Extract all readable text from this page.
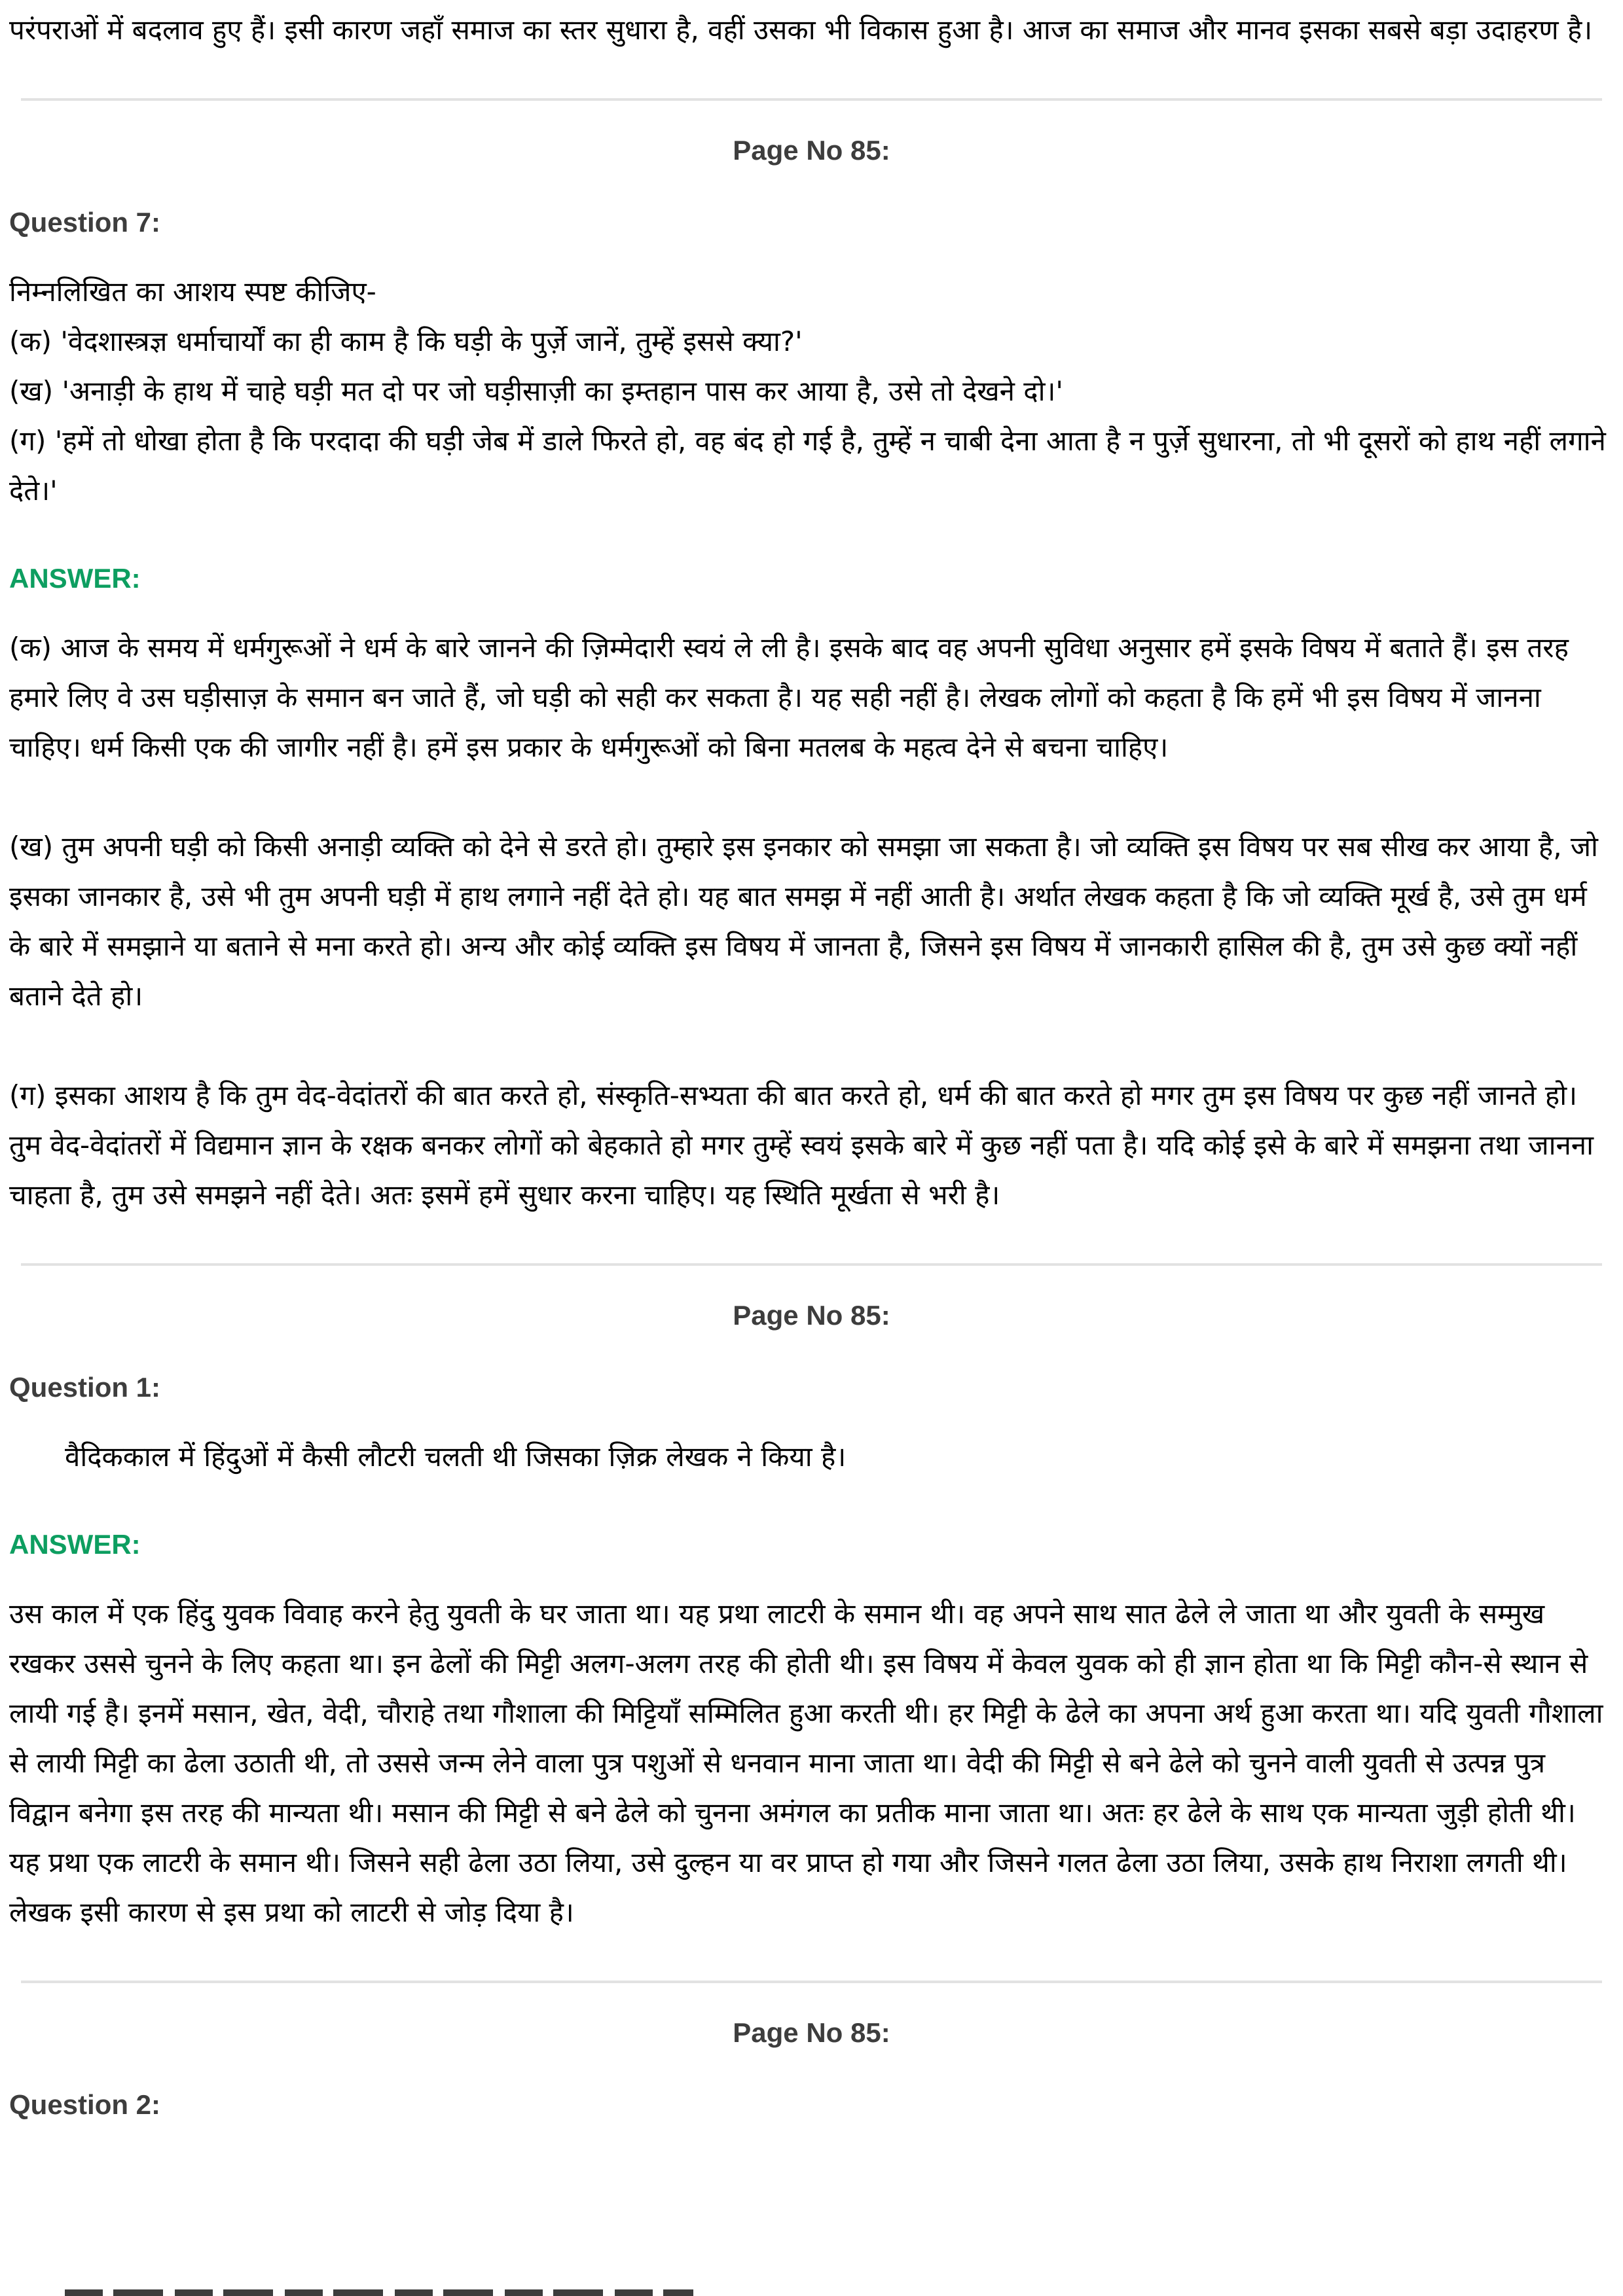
परंपराओं में बदलाव हुए हैं। इसी कारण जहाँ समाज का स्तर सुधारा है, वहीं उसका भी विकास हुआ है। आज का समाज और मानव इसका सबसे बड़ा उदाहरण है।

Page No 85:
Question 7:

निम्नलिखित का आशय स्पष्ट कीजिए-

(क) 'वेदशास्त्रज्ञ धर्माचार्यों का ही काम है कि घड़ी के पुर्ज़े जानें, तुम्हें इससे क्या?'

(ख) 'अनाड़ी के हाथ में चाहे घड़ी मत दो पर जो घड़ीसाज़ी का इम्तहान पास कर आया है, उसे तो देखने दो।'

(ग) 'हमें तो धोखा होता है कि परदादा की घड़ी जेब में डाले फिरते हो, वह बंद हो गई है, तुम्हें न चाबी देना आता है न पुर्ज़े सुधारना, तो भी दूसरों को हाथ नहीं लगाने देते।'

ANSWER:

(क) आज के समय में धर्मगुरूओं ने धर्म के बारे जानने की ज़िम्मेदारी स्वयं ले ली है। इसके बाद वह अपनी सुविधा अनुसार हमें इसके विषय में बताते हैं। इस तरह हमारे लिए वे उस घड़ीसाज़ के समान बन जाते हैं, जो घड़ी को सही कर सकता है। यह सही नहीं है। लेखक लोगों को कहता है कि हमें भी इस विषय में जानना चाहिए। धर्म किसी एक की जागीर नहीं है। हमें इस प्रकार के धर्मगुरूओं को बिना मतलब के महत्व देने से बचना चाहिए।

(ख) तुम अपनी घड़ी को किसी अनाड़ी व्यक्ति को देने से डरते हो। तुम्हारे इस इनकार को समझा जा सकता है। जो व्यक्ति इस विषय पर सब सीख कर आया है, जो इसका जानकार है, उसे भी तुम अपनी घड़ी में हाथ लगाने नहीं देते हो। यह बात समझ में नहीं आती है। अर्थात लेखक कहता है कि जो व्यक्ति मूर्ख है, उसे तुम धर्म के बारे में समझाने या बताने से मना करते हो। अन्य और कोई व्यक्ति इस विषय में जानता है, जिसने इस विषय में जानकारी हासिल की है, तुम उसे कुछ क्यों नहीं बताने देते हो।

(ग) इसका आशय है कि तुम वेद-वेदांतरों की बात करते हो, संस्कृति-सभ्यता की बात करते हो, धर्म की बात करते हो मगर तुम इस विषय पर कुछ नहीं जानते हो। तुम वेद-वेदांतरों में विद्यमान ज्ञान के रक्षक बनकर लोगों को बेहकाते हो मगर तुम्हें स्वयं इसके बारे में कुछ नहीं पता है। यदि कोई इसे के बारे में समझना तथा जानना चाहता है, तुम उसे समझने नहीं देते। अतः इसमें हमें सुधार करना चाहिए। यह स्थिति मूर्खता से भरी है।

Page No 85:
Question 1:

वैदिककाल में हिंदुओं में कैसी लौटरी चलती थी जिसका ज़िक्र लेखक ने किया है।

ANSWER:

उस काल में एक हिंदु युवक विवाह करने हेतु युवती के घर जाता था। यह प्रथा लाटरी के समान थी। वह अपने साथ सात ढेले ले जाता था और युवती के सम्मुख रखकर उससे चुनने के लिए कहता था। इन ढेलों की मिट्टी अलग-अलग तरह की होती थी। इस विषय में केवल युवक को ही ज्ञान होता था कि मिट्टी कौन-से स्थान से लायी गई है। इनमें मसान, खेत, वेदी, चौराहे तथा गौशाला की मिट्टियाँ सम्मिलित हुआ करती थी। हर मिट्टी के ढेले का अपना अर्थ हुआ करता था। यदि युवती गौशाला से लायी मिट्टी का ढेला उठाती थी, तो उससे जन्म लेने वाला पुत्र पशुओं से धनवान माना जाता था। वेदी की मिट्टी से बने ढेले को चुनने वाली युवती से उत्पन्न पुत्र विद्वान बनेगा इस तरह की मान्यता थी। मसान की मिट्टी से बने ढेले को चुनना अमंगल का प्रतीक माना जाता था। अतः हर ढेले के साथ एक मान्यता जुड़ी होती थी। यह प्रथा एक लाटरी के समान थी। जिसने सही ढेला उठा लिया, उसे दुल्हन या वर प्राप्त हो गया और जिसने गलत ढेला उठा लिया, उसके हाथ निराशा लगती थी। लेखक इसी कारण से इस प्रथा को लाटरी से जोड़ दिया है।

Page No 85:
Question 2:
